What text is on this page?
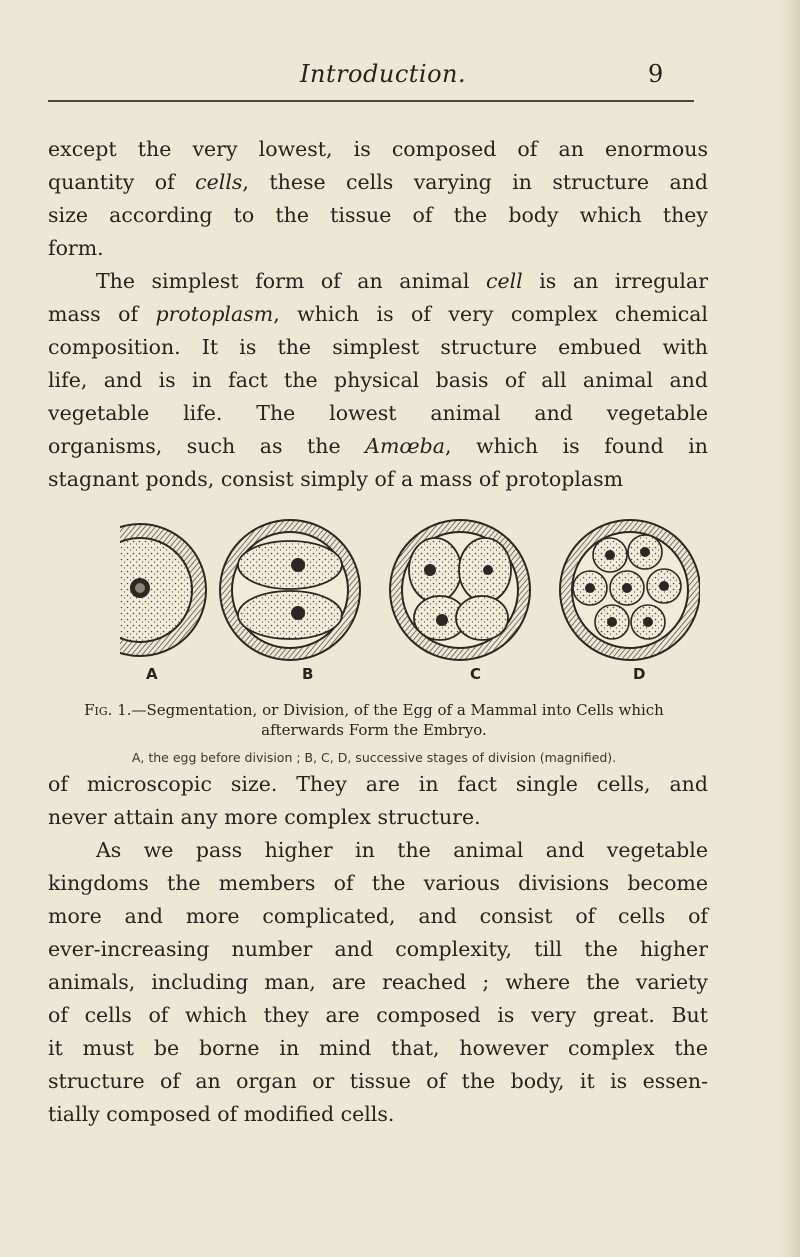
Introduction.	9
except the very lowest, is composed of an enormous
quantity of cells, these cells varying in structure and
size according to the tissue of the body which they
form.
The simplest form of an animal cell is an irregular
mass of protoplasm, which is of very complex chemical
composition. It is the simplest structure embued with
life, and is in fact the physical basis of all animal and
vegetable life. The lowest animal and vegetable
organisms, such as the Amœba, which is found in
stagnant ponds, consist simply of a mass of protoplasm
A	B	C	D
Fig. 1.—Segmentation, or Division, of the Egg of a Mammal into Cells which afterwards Form the Embryo.
A, the egg before division ; B, C, D, successive stages of division (magnified).
of microscopic size. They are in fact single cells, and
never attain any more complex structure.
As we pass higher in the animal and vegetable
kingdoms the members of the various divisions become
more and more complicated, and consist of cells of
ever-increasing number and complexity, till the higher
animals, including man, are reached ; where the variety
of cells of which they are composed is very great. But
it must be borne in mind that, however complex the
structure of an organ or tissue of the body, it is essen-
tially composed of modified cells.
